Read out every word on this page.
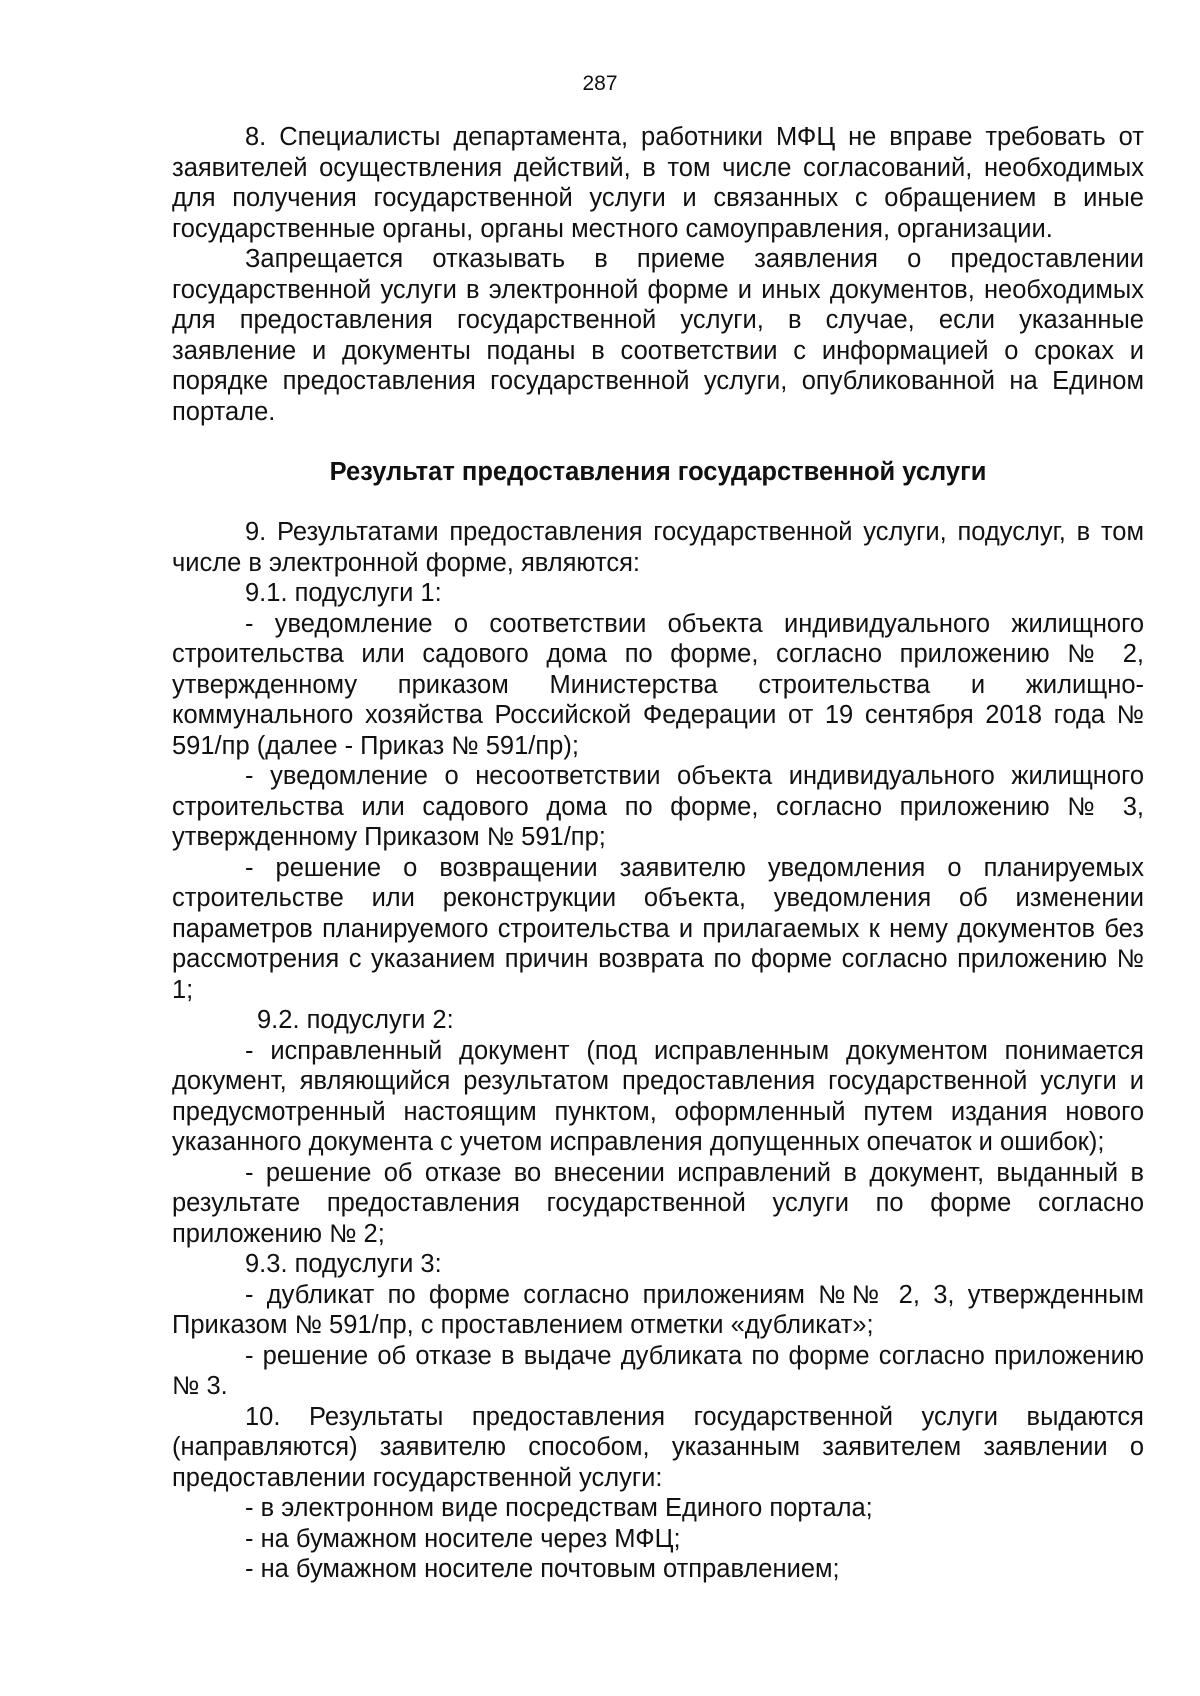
287

8. Специалисты департамента, работники МФЦ не вправе требовать от заявителей осуществления действий, в том числе согласований, необходимых для получения государственной услуги и связанных с обращением в иные государственные органы, органы местного самоуправления, организации.

Запрещается отказывать в приеме заявления о предоставлении государственной услуги в электронной форме и иных документов, необходимых для предоставления государственной услуги, в случае, если указанные заявление и документы поданы в соответствии с информацией о сроках и порядке предоставления государственной услуги, опубликованной на Едином портале.

Результат предоставления государственной услуги

9. Результатами предоставления государственной услуги, подуслуг, в том числе в электронной форме, являются:

9.1. подуслуги 1:

- уведомление о соответствии объекта индивидуального жилищного строительства или садового дома по форме, согласно приложению № 2, утвержденному приказом Министерства строительства и жилищно-коммунального хозяйства Российской Федерации от 19 сентября 2018 года № 591/пр (далее - Приказ № 591/пр);

- уведомление о несоответствии объекта индивидуального жилищного строительства или садового дома по форме, согласно приложению № 3, утвержденному Приказом № 591/пр;

- решение о возвращении заявителю уведомления о планируемых строительстве или реконструкции объекта, уведомления об изменении параметров планируемого строительства и прилагаемых к нему документов без рассмотрения с указанием причин возврата по форме согласно приложению № 1;

9.2. подуслуги 2:

- исправленный документ (под исправленным документом понимается документ, являющийся результатом предоставления государственной услуги и предусмотренный настоящим пунктом, оформленный путем издания нового указанного документа с учетом исправления допущенных опечаток и ошибок);

- решение об отказе во внесении исправлений в документ, выданный в результате предоставления государственной услуги по форме согласно приложению № 2;

9.3. подуслуги 3:

- дубликат по форме согласно приложениям №№ 2, 3, утвержденным Приказом № 591/пр, с проставлением отметки «дубликат»;

- решение об отказе в выдаче дубликата по форме согласно приложению № 3.

10. Результаты предоставления государственной услуги выдаются (направляются) заявителю способом, указанным заявителем заявлении о предоставлении государственной услуги:

- в электронном виде посредствам Единого портала;

- на бумажном носителе через МФЦ;

- на бумажном носителе почтовым отправлением;
